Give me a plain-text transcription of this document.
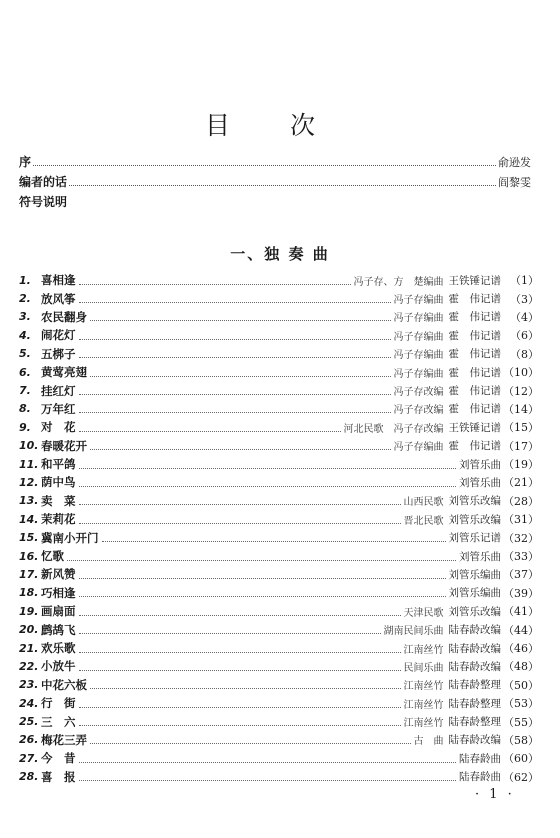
目 次
序	俞逊发
编者的话	阎黎雯
符号说明
一、独 奏 曲
1. 喜相逢	冯子存、方　楚编曲 王铁锤记谱 （1）
2. 放风筝	冯子存编曲 霍　伟记谱 （3）
3. 农民翻身	冯子存编曲 霍　伟记谱 （4）
4. 闹花灯	冯子存编曲 霍　伟记谱 （6）
5. 五梆子	冯子存编曲 霍　伟记谱 （8）
6. 黄莺亮翅	冯子存编曲 霍　伟记谱 （10）
7. 挂红灯	冯子存改编 霍　伟记谱 （12）
8. 万年红	冯子存改编 霍　伟记谱 （14）
9. 对　花	河北民歌　冯子存改编 王铁锤记谱 （15）
10. 春暖花开	冯子存编曲 霍　伟记谱 （17）
11. 和平鸽	刘管乐曲 （19）
12. 荫中鸟	刘管乐曲 （21）
13. 卖　菜	山西民歌 刘管乐改编 （28）
14. 茉莉花	晋北民歌 刘管乐改编 （31）
15. 冀南小开门	刘管乐记谱 （32）
16. 忆歌	刘管乐曲 （33）
17. 新风赞	刘管乐编曲 （37）
18. 巧相逢	刘管乐编曲 （39）
19. 画扇面	天津民歌 刘管乐改编 （41）
20. 鹧鸪飞	湖南民间乐曲 陆春龄改编 （44）
21. 欢乐歌	江南丝竹 陆春龄改编 （46）
22. 小放牛	民间乐曲 陆春龄改编 （48）
23. 中花六板	江南丝竹 陆春龄整理 （50）
24. 行　街	江南丝竹 陆春龄整理 （53）
25. 三　六	江南丝竹 陆春龄整理 （55）
26. 梅花三弄	古　曲 陆春龄改编 （58）
27. 今　昔	陆春龄曲 （60）
28. 喜　报	陆春龄曲 （62）
· 1 ·
